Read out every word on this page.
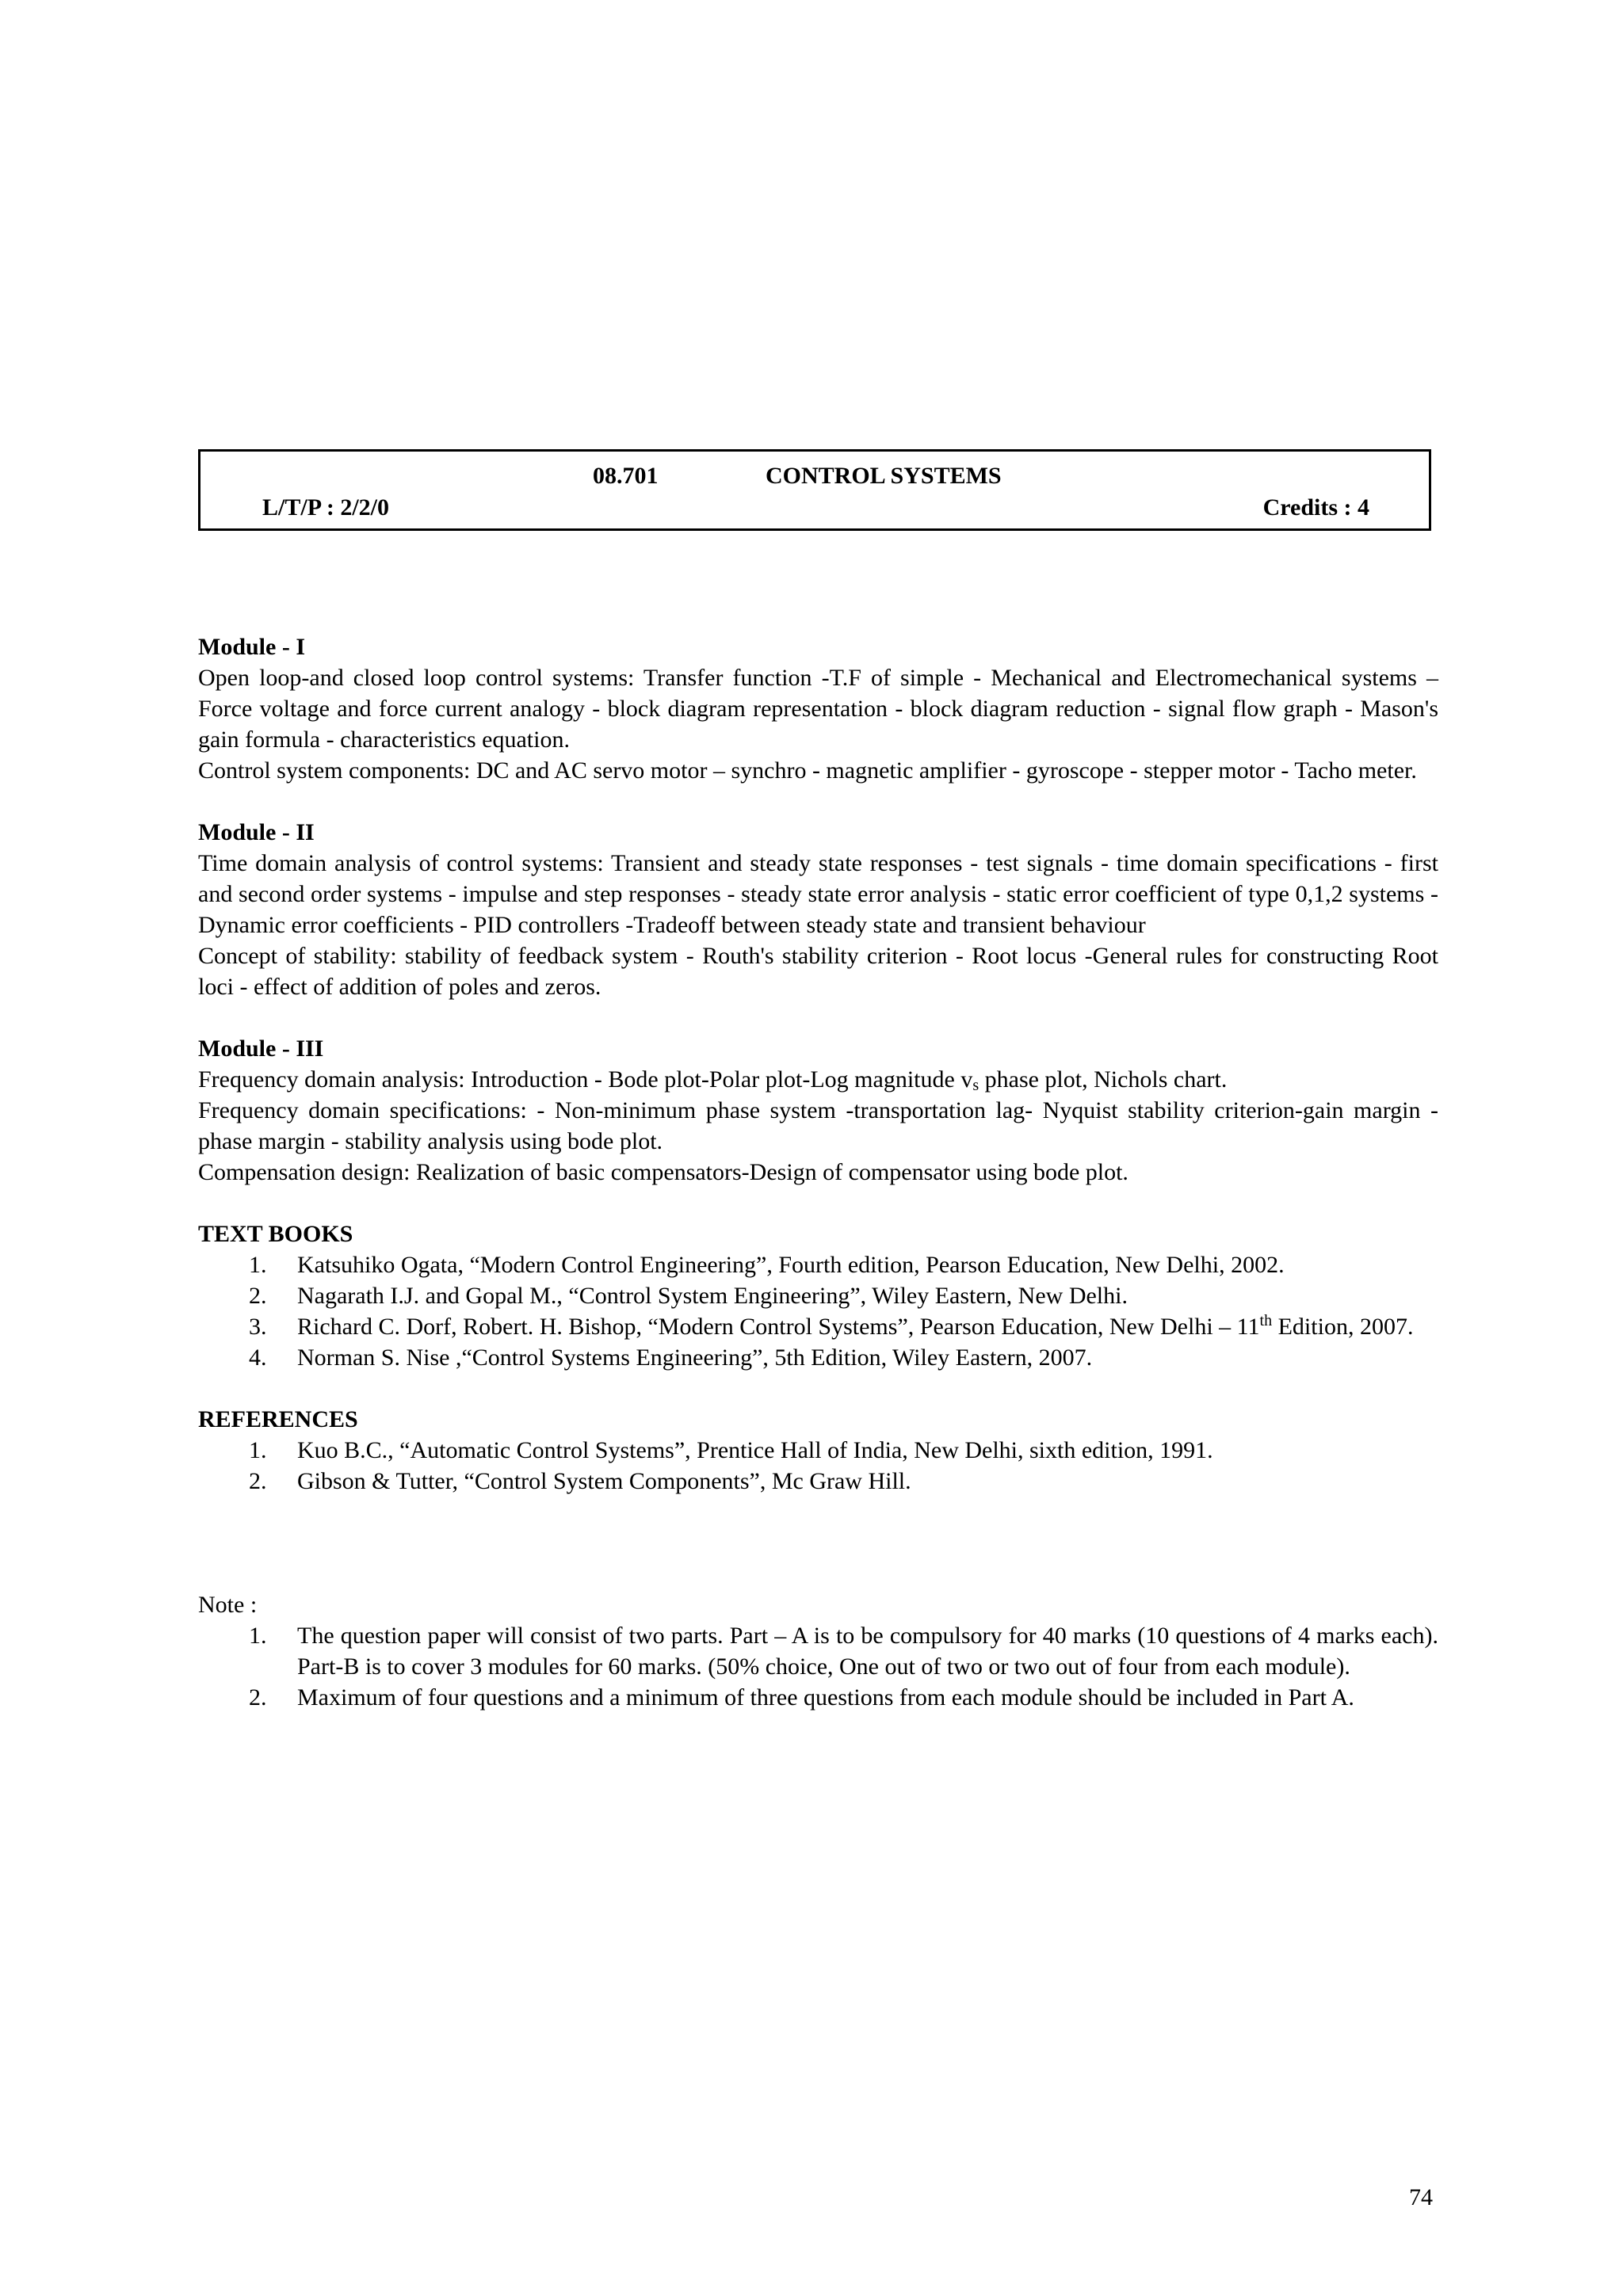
08.701	CONTROL SYSTEMS
L/T/P : 2/2/0	Credits : 4
Module - I
Open loop-and closed loop control systems: Transfer function -T.F of simple - Mechanical and Electromechanical systems – Force voltage and force current analogy - block diagram representation - block diagram reduction - signal flow graph - Mason's gain formula - characteristics equation.
Control system components: DC and AC servo motor – synchro - magnetic amplifier - gyroscope - stepper motor - Tacho meter.
Module - II
Time domain analysis of control systems: Transient and steady state responses - test signals - time domain specifications - first and second order systems - impulse and step responses - steady state error analysis - static error coefficient of type 0,1,2 systems - Dynamic error coefficients - PID controllers -Tradeoff between steady state and transient behaviour
Concept of stability: stability of feedback system - Routh's stability criterion - Root locus -General rules for constructing Root loci - effect of addition of poles and zeros.
Module - III
Frequency domain analysis: Introduction - Bode plot-Polar plot-Log magnitude $v_s$ phase plot, Nichols chart.
Frequency domain specifications: - Non-minimum phase system -transportation lag- Nyquist stability criterion-gain margin - phase margin - stability analysis using bode plot.
Compensation design: Realization of basic compensators-Design of compensator using bode plot.
TEXT BOOKS
1. Katsuhiko Ogata, “Modern Control Engineering”, Fourth edition, Pearson Education, New Delhi, 2002.
2. Nagarath I.J. and Gopal M., “Control System Engineering”, Wiley Eastern, New Delhi.
3. Richard C. Dorf, Robert. H. Bishop, “Modern Control Systems”, Pearson Education, New Delhi – 11th Edition, 2007.
4. Norman S. Nise ,“Control Systems Engineering”, 5th Edition, Wiley Eastern, 2007.
REFERENCES
1. Kuo B.C., “Automatic Control Systems”, Prentice Hall of India, New Delhi, sixth edition, 1991.
2. Gibson & Tutter, “Control System Components”, Mc Graw Hill.
Note :
1. The question paper will consist of two parts. Part – A is to be compulsory for 40 marks (10 questions of 4 marks each). Part-B is to cover 3 modules for 60 marks. (50% choice, One out of two or two out of four from each module).
2. Maximum of four questions and a minimum of three questions from each module should be included in Part A.
74
